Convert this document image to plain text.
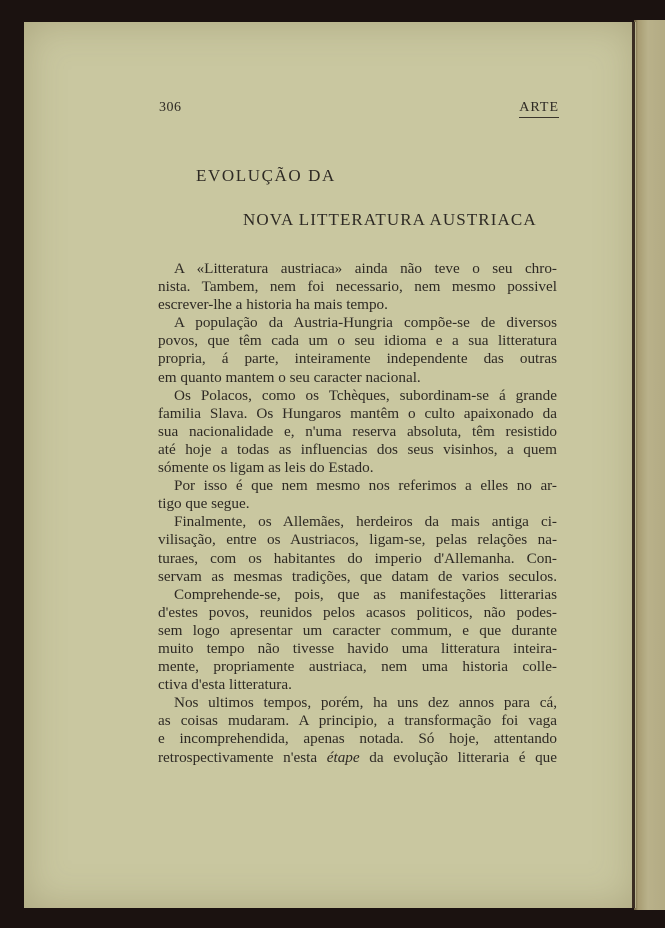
306	ARTE
EVOLUÇÃO DA
NOVA LITTERATURA AUSTRIACA
A «Litteratura austriaca» ainda não teve o seu chro-
nista. Tambem, nem foi necessario, nem mesmo possivel
escrever-lhe a historia ha mais tempo.
A população da Austria-Hungria compõe-se de diversos
povos, que têm cada um o seu idioma e a sua litteratura
propria, á parte, inteiramente independente das outras
em quanto mantem o seu caracter nacional.
Os Polacos, como os Tchèques, subordinam-se á grande
familia Slava. Os Hungaros mantêm o culto apaixonado da
sua nacionalidade e, n'uma reserva absoluta, têm resistido
até hoje a todas as influencias dos seus visinhos, a quem
sómente os ligam as leis do Estado.
Por isso é que nem mesmo nos referimos a elles no ar-
tigo que segue.
Finalmente, os Allemães, herdeiros da mais antiga ci-
vilisação, entre os Austriacos, ligam-se, pelas relações na-
turaes, com os habitantes do imperio d'Allemanha. Con-
servam as mesmas tradições, que datam de varios seculos.
Comprehende-se, pois, que as manifestações litterarias
d'estes povos, reunidos pelos acasos politicos, não podes-
sem logo apresentar um caracter commum, e que durante
muito tempo não tivesse havido uma litteratura inteira-
mente, propriamente austriaca, nem uma historia colle-
ctiva d'esta litteratura.
Nos ultimos tempos, porém, ha uns dez annos para cá,
as coisas mudaram. A principio, a transformação foi vaga
e incomprehendida, apenas notada. Só hoje, attentando
retrospectivamente n'esta étape da evolução litteraria é que
